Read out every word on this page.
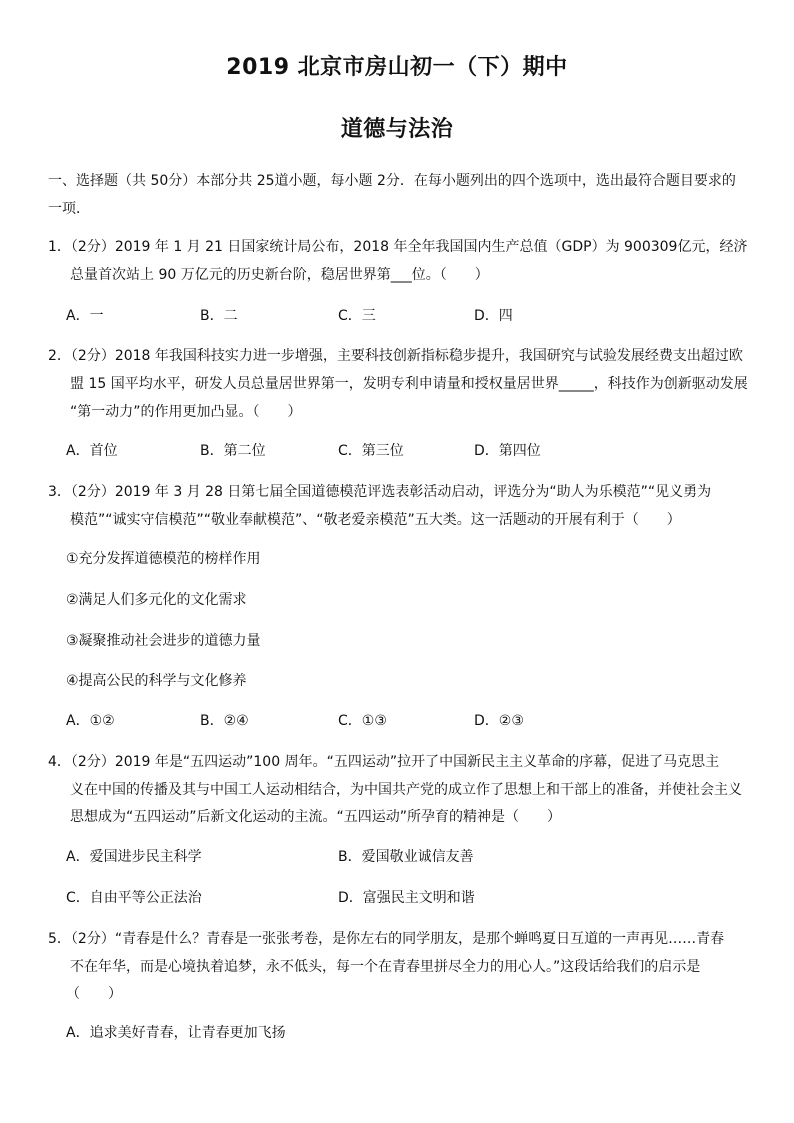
2019 北京市房山初一（下）期中
道德与法治
一、选择题（共 50分）本部分共 25道小题，每小题 2分．在每小题列出的四个选项中，选出最符合题目要求的
一项．
1．（2分）2019 年 1 月 21 日国家统计局公布，2018 年全年我国国内生产总值（GDP）为 900309亿元，经济
总量首次站上 90 万亿元的历史新台阶，稳居世界第___位。（　　）
A．一	B．二	C．三	D．四
2．（2分）2018 年我国科技实力进一步增强，主要科技创新指标稳步提升，我国研究与试验发展经费支出超过欧
盟 15 国平均水平，研发人员总量居世界第一，发明专利申请量和授权量居世界_____，科技作为创新驱动发展
“第一动力”的作用更加凸显。（　　）
A．首位	B．第二位	C．第三位	D．第四位
3．（2分）2019 年 3 月 28 日第七届全国道德模范评选表彰活动启动，评选分为“助人为乐模范”“见义勇为
模范”“诚实守信模范”“敬业奉献模范”、“敬老爱亲模范”五大类。这一活题动的开展有利于（　　）
①充分发挥道德模范的榜样作用
②满足人们多元化的文化需求
③凝聚推动社会进步的道德力量
④提高公民的科学与文化修养
A．①②	B．②④	C．①③	D．②③
4．（2分）2019 年是“五四运动”100 周年。“五四运动”拉开了中国新民主主义革命的序幕，促进了马克思主
义在中国的传播及其与中国工人运动相结合，为中国共产党的成立作了思想上和干部上的准备，并使社会主义
思想成为“五四运动”后新文化运动的主流。“五四运动”所孕育的精神是（　　）
A．爱国进步民主科学	B．爱国敬业诚信友善
C．自由平等公正法治	D．富强民主文明和谐
5．（2分）“青春是什么？青春是一张张考卷，是你左右的同学朋友，是那个蝉鸣夏日互道的一声再见……青春
不在年华，而是心境执着追梦，永不低头，每一个在青春里拼尽全力的用心人。”这段话给我们的启示是
（　　）
A．追求美好青春，让青春更加飞扬
